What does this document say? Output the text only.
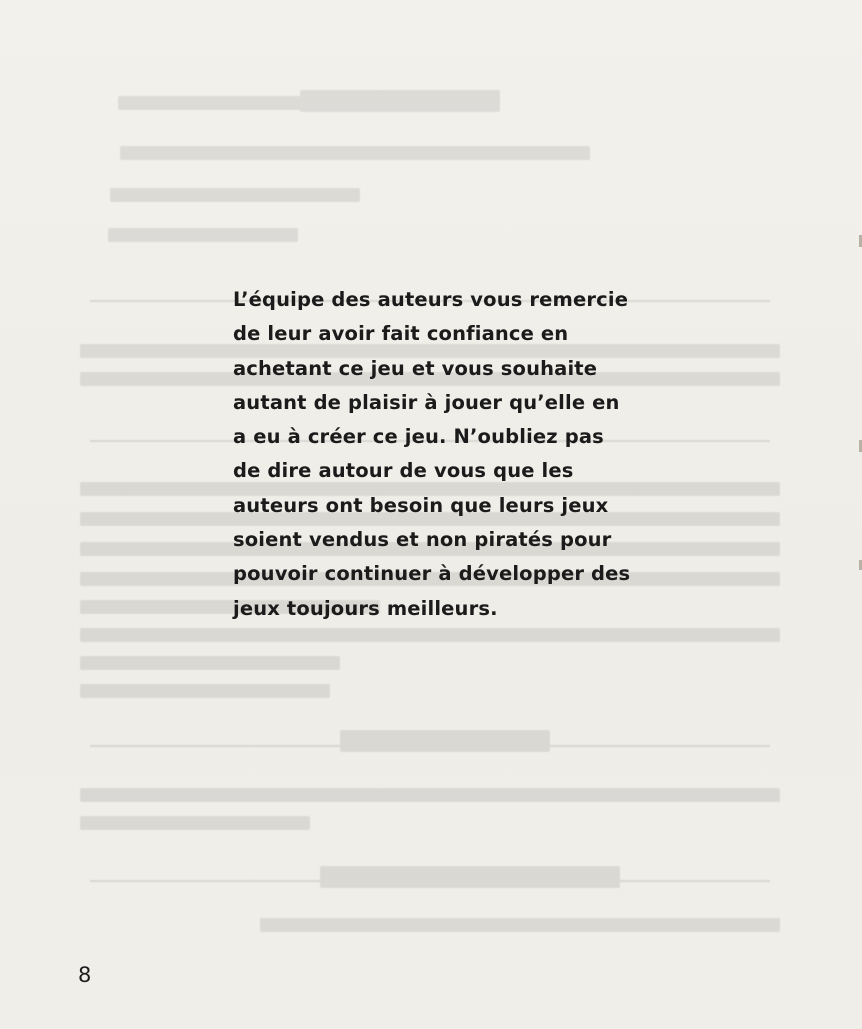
L’équipe des auteurs vous remercie
de leur avoir fait confiance en
achetant ce jeu et vous souhaite
autant de plaisir à jouer qu’elle en
a eu à créer ce jeu. N’oubliez pas
de dire autour de vous que les
auteurs ont besoin que leurs jeux
soient vendus et non piratés pour
pouvoir continuer à développer des
jeux toujours meilleurs.

8
